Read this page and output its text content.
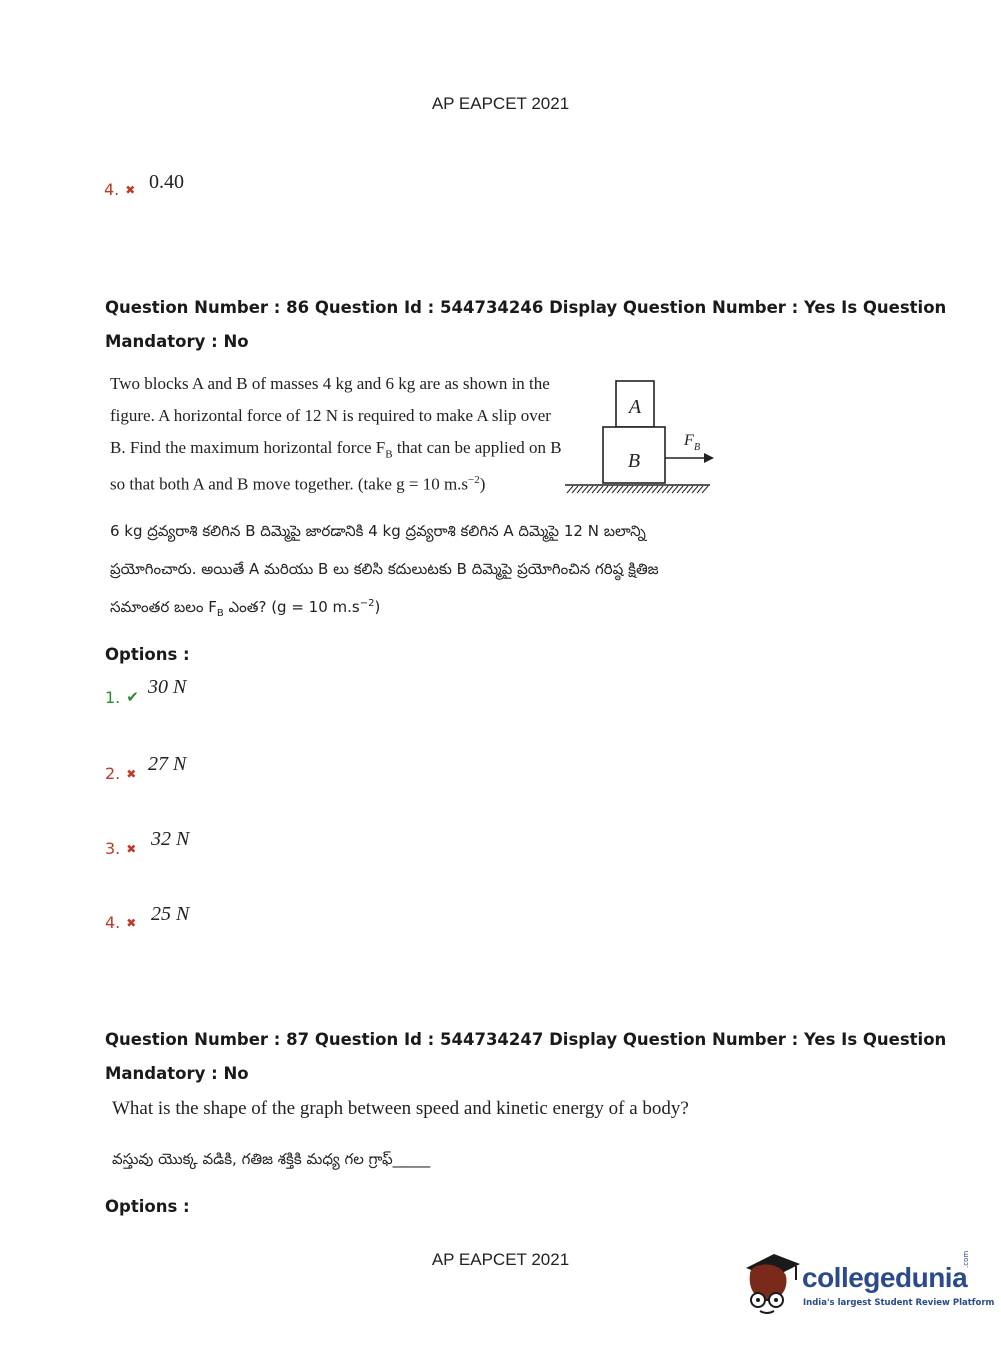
AP EAPCET 2021
4. ✖ 0.40
Question Number : 86 Question Id : 544734246 Display Question Number : Yes Is Question
Mandatory : No
Two blocks A and B of masses 4 kg and 6 kg are as shown in the
figure. A horizontal force of 12 N is required to make A slip over
B. Find the maximum horizontal force $F_B$ that can be applied on B
so that both A and B move together. (take g = 10 $m.s^{-2}$)
A
B
F B
6 kg ద్రవ్యరాశి కలిగిన B దిమ్మెపై జారడానికి 4 kg ద్రవ్యరాశి కలిగిన A దిమ్మెపై 12 N బలాన్ని
ప్రయోగించారు. అయితే A మరియు B లు కలిసి కదులుటకు B దిమ్మెపై ప్రయోగించిన గరిష్ఠ క్షితిజ
సమాంతర బలం $F_B$ ఎంత? (g = 10 $m.s^{-2}$)
Options :
1. ✔ 30 N
2. ✖ 27 N
3. ✖ 32 N
4. ✖ 25 N
Question Number : 87 Question Id : 544734247 Display Question Number : Yes Is Question
Mandatory : No
What is the shape of the graph between speed and kinetic energy of a body?
వస్తువు యొక్క వడికి, గతిజ శక్తికి మధ్య గల గ్రాఫ్_____
Options :
AP EAPCET 2021
collegedunia
.com
India's largest Student Review Platform
